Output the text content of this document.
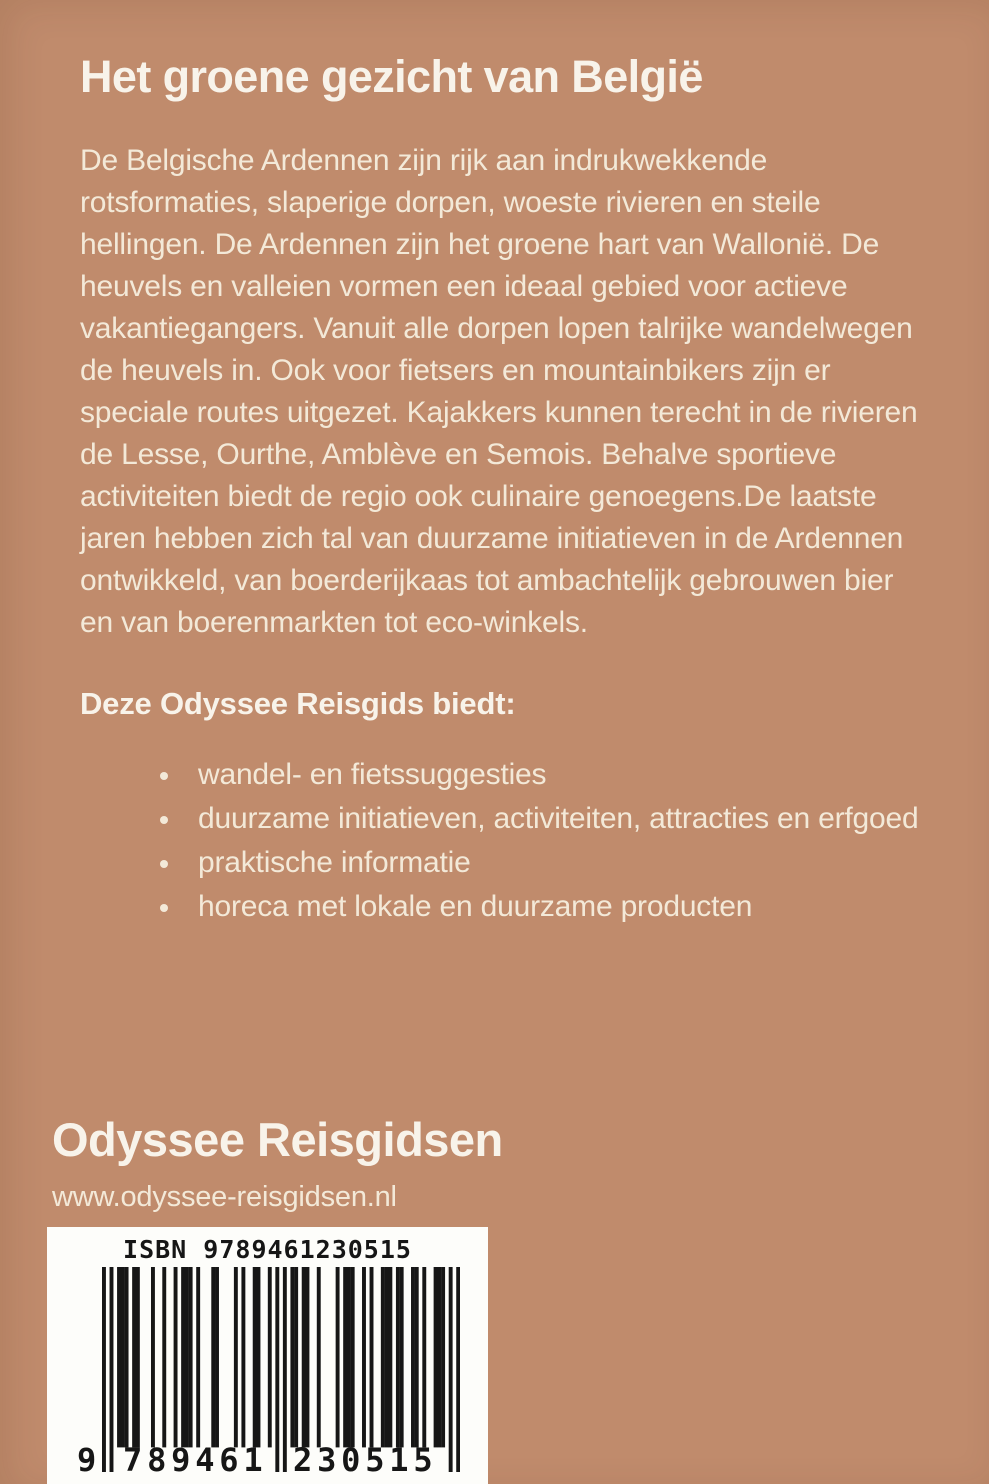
Het groene gezicht van België

De Belgische Ardennen zijn rijk aan indrukwekkende rotsformaties, slaperige dorpen, woeste rivieren en steile hellingen. De Ardennen zijn het groene hart van Wallonië. De heuvels en valleien vormen een ideaal gebied voor actieve vakantiegangers. Vanuit alle dorpen lopen talrijke wandelwegen de heuvels in. Ook voor fietsers en mountainbikers zijn er speciale routes uitgezet. Kajakkers kunnen terecht in de rivieren de Lesse, Ourthe, Amblève en Semois. Behalve sportieve activiteiten biedt de regio ook culinaire genoegens.De laatste jaren hebben zich tal van duurzame initiatieven in de Ardennen ontwikkeld, van boerderijkaas tot ambachtelijk gebrouwen bier en van boerenmarkten tot eco-winkels.

Deze Odyssee Reisgids biedt:
• wandel- en fietssuggesties
• duurzame initiatieven, activiteiten, attracties en erfgoed
• praktische informatie
• horeca met lokale en duurzame producten
Odyssee Reisgidsen
www.odyssee-reisgidsen.nl
ISBN 9789461230515
9 789461 230515
